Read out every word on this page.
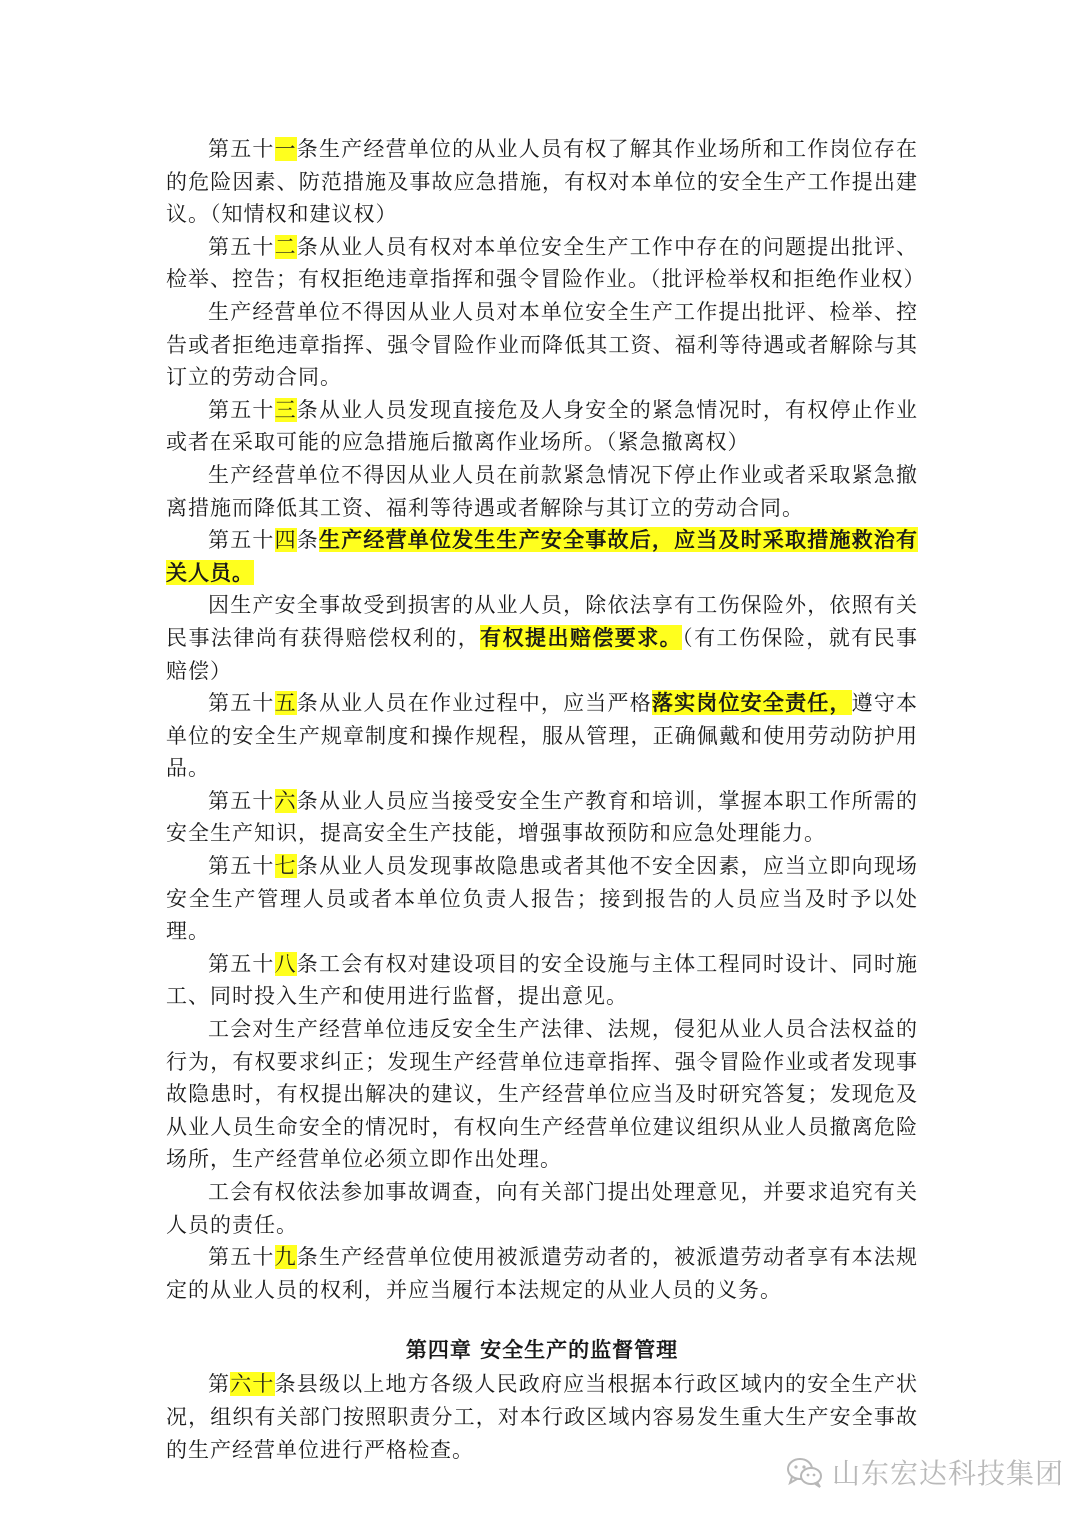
第五十一条生产经营单位的从业人员有权了解其作业场所和工作岗位存在的危险因素、防范措施及事故应急措施，有权对本单位的安全生产工作提出建议。（知情权和建议权）

第五十二条从业人员有权对本单位安全生产工作中存在的问题提出批评、检举、控告；有权拒绝违章指挥和强令冒险作业。（批评检举权和拒绝作业权）

生产经营单位不得因从业人员对本单位安全生产工作提出批评、检举、控告或者拒绝违章指挥、强令冒险作业而降低其工资、福利等待遇或者解除与其订立的劳动合同。

第五十三条从业人员发现直接危及人身安全的紧急情况时，有权停止作业或者在采取可能的应急措施后撤离作业场所。（紧急撤离权）

生产经营单位不得因从业人员在前款紧急情况下停止作业或者采取紧急撤离措施而降低其工资、福利等待遇或者解除与其订立的劳动合同。

第五十四条生产经营单位发生生产安全事故后，应当及时采取措施救治有关人员。

因生产安全事故受到损害的从业人员，除依法享有工伤保险外，依照有关民事法律尚有获得赔偿权利的，有权提出赔偿要求。（有工伤保险，就有民事赔偿）

第五十五条从业人员在作业过程中，应当严格落实岗位安全责任，遵守本单位的安全生产规章制度和操作规程，服从管理，正确佩戴和使用劳动防护用品。

第五十六条从业人员应当接受安全生产教育和培训，掌握本职工作所需的安全生产知识，提高安全生产技能，增强事故预防和应急处理能力。

第五十七条从业人员发现事故隐患或者其他不安全因素，应当立即向现场安全生产管理人员或者本单位负责人报告；接到报告的人员应当及时予以处理。

第五十八条工会有权对建设项目的安全设施与主体工程同时设计、同时施工、同时投入生产和使用进行监督，提出意见。

工会对生产经营单位违反安全生产法律、法规，侵犯从业人员合法权益的行为，有权要求纠正；发现生产经营单位违章指挥、强令冒险作业或者发现事故隐患时，有权提出解决的建议，生产经营单位应当及时研究答复；发现危及从业人员生命安全的情况时，有权向生产经营单位建议组织从业人员撤离危险场所，生产经营单位必须立即作出处理。

工会有权依法参加事故调查，向有关部门提出处理意见，并要求追究有关人员的责任。

第五十九条生产经营单位使用被派遣劳动者的，被派遣劳动者享有本法规定的从业人员的权利，并应当履行本法规定的从业人员的义务。

第四章 安全生产的监督管理

第六十条县级以上地方各级人民政府应当根据本行政区域内的安全生产状况，组织有关部门按照职责分工，对本行政区域内容易发生重大生产安全事故的生产经营单位进行严格检查。

山东宏达科技集团
